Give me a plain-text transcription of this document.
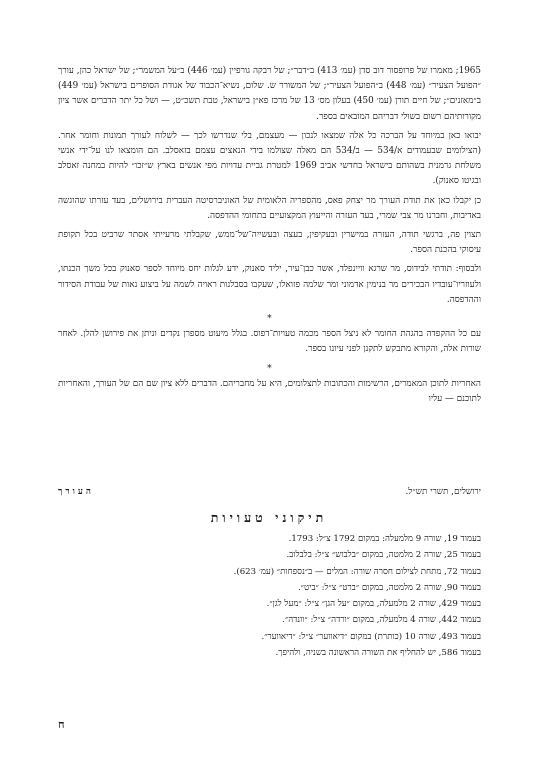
1965; מאמרו של פרופסור דוב סדן (עמ׳ 413) ב״דבר״; של רבקה גורפיין (עמ׳ 446) ב״על המשמר״; של ישראל כהן, עורך ״הפועל הצעיר״ (עמ׳ 448) ב״הפועל הצעיר״; של המשורר ש. שלום, נשיא־הכבוד של אגודת הסופרים בישראל (עמ׳ 449) ב״מאזנים״; של חיים תורן (עמ׳ 450) בעלון מס׳ 13 של מרכז פא״ן בישראל, טבת תשכ״ט, — ושל כל יתר הדברים אשר ציון מקורותיהם רשום בשולי דבריהם המובאים בספר.

יבואו כאן במיוחד על הברכה כל אלה שמצאו לנכון — מעצמם, בלי שנדרשו לכך — לשלוח לעורך תמונות וחומר אחר. (הצילומים שבעמודים א/534 — ב/534 הם מאלה שצולמו בידי הנאצים עצמם בזאסלב. הם הומצאו לנו על־ידי אנשי משלחת גרמנית בשהותם בישראל בחדשי אביב 1969 למטרת גביית עדויות מפי אנשים בארץ ש״זכו״ להיות במחנה זאסלב ובגיטו סאנוק).

כן יקבלו כאן את תודת העורך מר יצחק פאס, מהספריה הלאומית של האוניברסיטה העברית בירושלים, בעד עזרתו שהוגשה באדיבות, וחברנו מר צבי שמרי, בעד העזרה והייעוץ המקצועיים בתחומי ההדפסה.

תצוין פה, ברגשי תודה, העזרה במישרין ובעקיפין, בעצה ובעשייה־של־ממש, שקבלתי מרעייתי אסתר שרביט בכל תקופת עיסוקי בהכנת הספר.

ולבסוף: תודתי לבידוס, מר שרגא וויינפלד, אשר כבן־עיר, יליד סאנוק, ידע לגלות יחס מיוחד לספר סאנוק בכל משך הכנתו, ולעוזריו־עובדיו הבכירים מר בנימין אדמוני ומר שלמה פזואלו, שעקבו בסבלנות ראויה לשמה על ביצוע נאות של עבודת הסידור וההדפסה.

*

עם כל ההקפדה בהגהת החומר לא ניצל הספר מכמה טעויות־דפוס. בגלל מיעוט מספרן נקדים וניתן את פירושן להלן. לאחר שורות אלה, והקורא מתבקש לתקנן לפני עיונו בספר.

*

האחריות לתוכן המאמרים, הרשימות והכתובות לתצלומים, היא על מחבריהם. הדברים ללא ציון שם הם של העורך, והאחריות לתוכנם — עליו

ירושלים, תשרי תש״ל.
העורך
תיקוני טעויות
בעמוד 19, שורה 9 מלמעלה: במקום 1792 צ״ל: 1793.
בעמוד 25, שורה 2 מלמטה, במקום ״בלבוש״ צ״ל: בלבלוב.
בעמוד 72, מתחת לצילום חסרה שורה: המלים — ב״נספחות״ (עמ׳ 623).
בעמוד 90, שורה 2 מלמטה, במקום ״ברט״ צ״ל: ״ביט״.
בעמוד 429, שורה 2 מלמעלה, במקום ״על הגן״ צ״ל: ״מעל לגן״.
בעמוד 442, שורה 4 מלמעלה, במקום ״ורדה״ צ״ל: ״וונדה״.
בעמוד 493, שורה 10 (כותרת) במקום ״דיאווער״ צ״ל: ״דיאווער״.
בעמוד 586, יש להחליף את השורה הראשונה בשניה, ולהיפך.
ח
